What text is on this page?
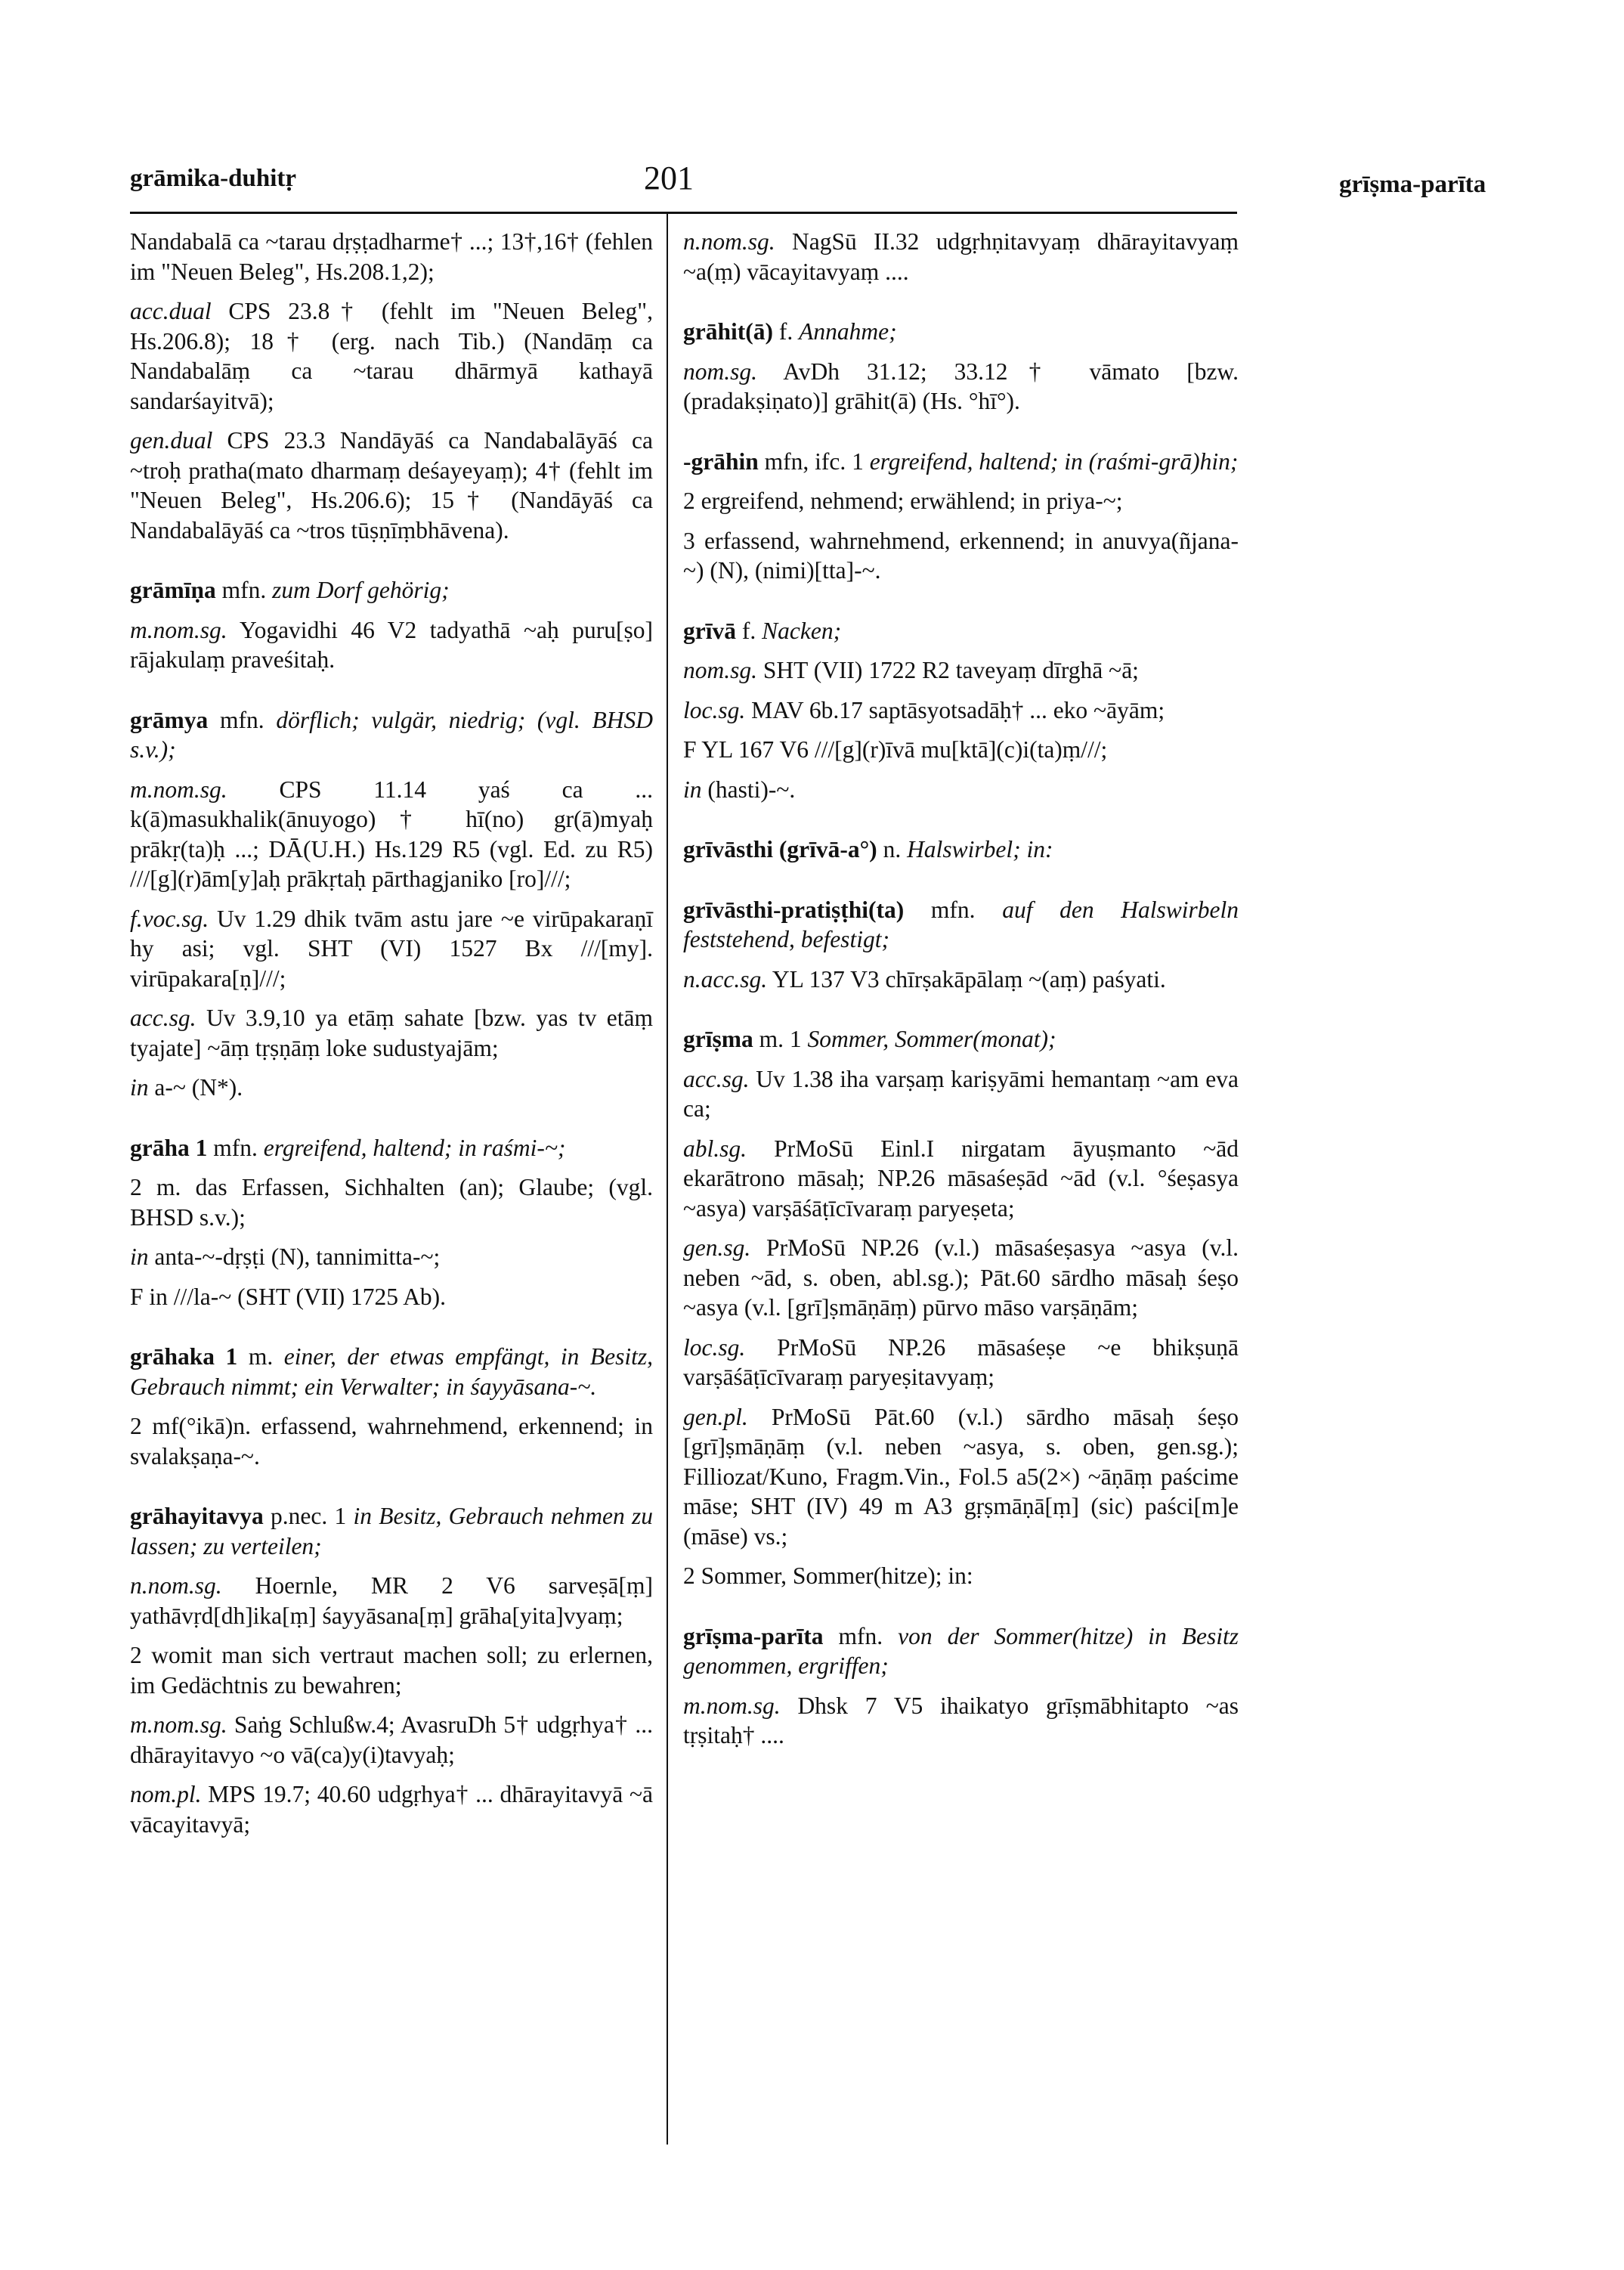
grāmika-duhitṛ	201	grīṣma-parīta
Nandabalā ca ~tarau dṛṣṭadharme† ...; 13†,16† (fehlen im "Neuen Beleg", Hs.208.1,2);
acc.dual CPS 23.8† (fehlt im "Neuen Beleg", Hs.206.8); 18† (erg. nach Tib.) (Nandāṃ ca Nandabalāṃ ca ~tarau dhārmyā kathayā sandarśayitvā);
gen.dual CPS 23.3 Nandāyāś ca Nandabalāyāś ca ~troḥ pratha(mato dharmaṃ deśayeyaṃ); 4† (fehlt im "Neuen Beleg", Hs.206.6); 15† (Nandāyāś ca Nandabalāyāś ca ~tros tūṣṇīṃbhāvena).
grāmīṇa mfn. zum Dorf gehörig;
m.nom.sg. Yogavidhi 46 V2 tadyathā ~aḥ puru[ṣo] rājakulaṃ praveśitaḥ.
grāmya mfn. dörflich; vulgär, niedrig; (vgl. BHSD s.v.);
m.nom.sg. CPS 11.14 yaś ca ... k(ā)masukhalik(ānuyogo)† hī(no) gr(ā)myaḥ prākṛ(ta)ḥ ...; DĀ(U.H.) Hs.129 R5 (vgl. Ed. zu R5) ///[g](r)ām[y]aḥ prākṛtaḥ pārthagjaniko [ro]///;
f.voc.sg. Uv 1.29 dhik tvām astu jare ~e virūpakaraṇī hy asi; vgl. SHT (VI) 1527 Bx ///[my]. virūpakara[ṇ]///;
acc.sg. Uv 3.9,10 ya etāṃ sahate [bzw. yas tv etāṃ tyajate] ~āṃ tṛṣṇāṃ loke sudustyajām;
in a-~ (N*).
grāha 1 mfn. ergreifend, haltend; in raśmi-~;
2 m. das Erfassen, Sichhalten (an); Glaube; (vgl. BHSD s.v.);
in anta-~-dṛṣṭi (N), tannimitta-~;
F in ///la-~ (SHT (VII) 1725 Ab).
grāhaka 1 m. einer, der etwas empfängt, in Besitz, Gebrauch nimmt; ein Verwalter; in śayyāsana-~.
2 mf(°ikā)n. erfassend, wahrnehmend, erkennend; in svalakṣaṇa-~.
grāhayitavya p.nec. 1 in Besitz, Gebrauch nehmen zu lassen; zu verteilen;
n.nom.sg. Hoernle, MR 2 V6 sarveṣā[ṃ] yathāvṛd[dh]ika[ṃ] śayyāsana[ṃ] grāha[yita]vyaṃ;
2 womit man sich vertraut machen soll; zu erlernen, im Gedächtnis zu bewahren;
m.nom.sg. Saṅg Schlußw.4; AvasruDh 5† udgṛhya† ... dhārayitavyo ~o vā(ca)y(i)tavyaḥ;
nom.pl. MPS 19.7; 40.60 udgṛhya† ... dhārayitavyā ~ā vācayitavyā;
n.nom.sg. NagSū II.32 udgṛhṇitavyaṃ dhārayitavyaṃ ~a(ṃ) vācayitavyaṃ ....
grāhit(ā) f. Annahme;
nom.sg. AvDh 31.12; 33.12† vāmato [bzw. (pradakṣiṇato)] grāhit(ā) (Hs. °hī°).
-grāhin mfn, ifc. 1 ergreifend, haltend; in (raśmi-grā)hin;
2 ergreifend, nehmend; erwählend; in priya-~;
3 erfassend, wahrnehmend, erkennend; in anuvya(ñjana-~) (N), (nimi)[tta]-~.
grīvā f. Nacken;
nom.sg. SHT (VII) 1722 R2 taveyaṃ dīrghā ~ā;
loc.sg. MAV 6b.17 saptāsyotsadāḥ† ... eko ~āyām;
F YL 167 V6 ///[g](r)īvā mu[ktā](c)i(ta)ṃ///;
in (hasti)-~.
grīvāsthi (grīvā-a°) n. Halswirbel; in:
grīvāsthi-pratiṣṭhi(ta) mfn. auf den Halswirbeln feststehend, befestigt;
n.acc.sg. YL 137 V3 chīrṣakāpālaṃ ~(aṃ) paśyati.
grīṣma m. 1 Sommer, Sommer(monat);
acc.sg. Uv 1.38 iha varṣaṃ kariṣyāmi hemantaṃ ~am eva ca;
abl.sg. PrMoSū Einl.I nirgatam āyuṣmanto ~ād ekarātrono māsaḥ; NP.26 māsaśeṣād ~ād (v.l. °śeṣasya ~asya) varṣāśāṭīcīvaraṃ paryeṣeta;
gen.sg. PrMoSū NP.26 (v.l.) māsaśeṣasya ~asya (v.l. neben ~ād, s. oben, abl.sg.); Pāt.60 sārdho māsaḥ śeṣo ~asya (v.l. [grī]ṣmāṇāṃ) pūrvo māso varṣāṇām;
loc.sg. PrMoSū NP.26 māsaśeṣe ~e bhikṣuṇā varṣāśāṭīcīvaraṃ paryeṣitavyaṃ;
gen.pl. PrMoSū Pāt.60 (v.l.) sārdho māsaḥ śeṣo [grī]ṣmāṇāṃ (v.l. neben ~asya, s. oben, gen.sg.); Filliozat/Kuno, Fragm.Vin., Fol.5 a5(2×) ~āṇāṃ paścime māse; SHT (IV) 49 m A3 gṛṣmāṇā[ṃ] (sic) paści[m]e (māse) vs.;
2 Sommer, Sommer(hitze); in:
grīṣma-parīta mfn. von der Sommer(hitze) in Besitz genommen, ergriffen;
m.nom.sg. Dhsk 7 V5 ihaikatyo grīṣmābhitapto ~as tṛṣitaḥ† ....
